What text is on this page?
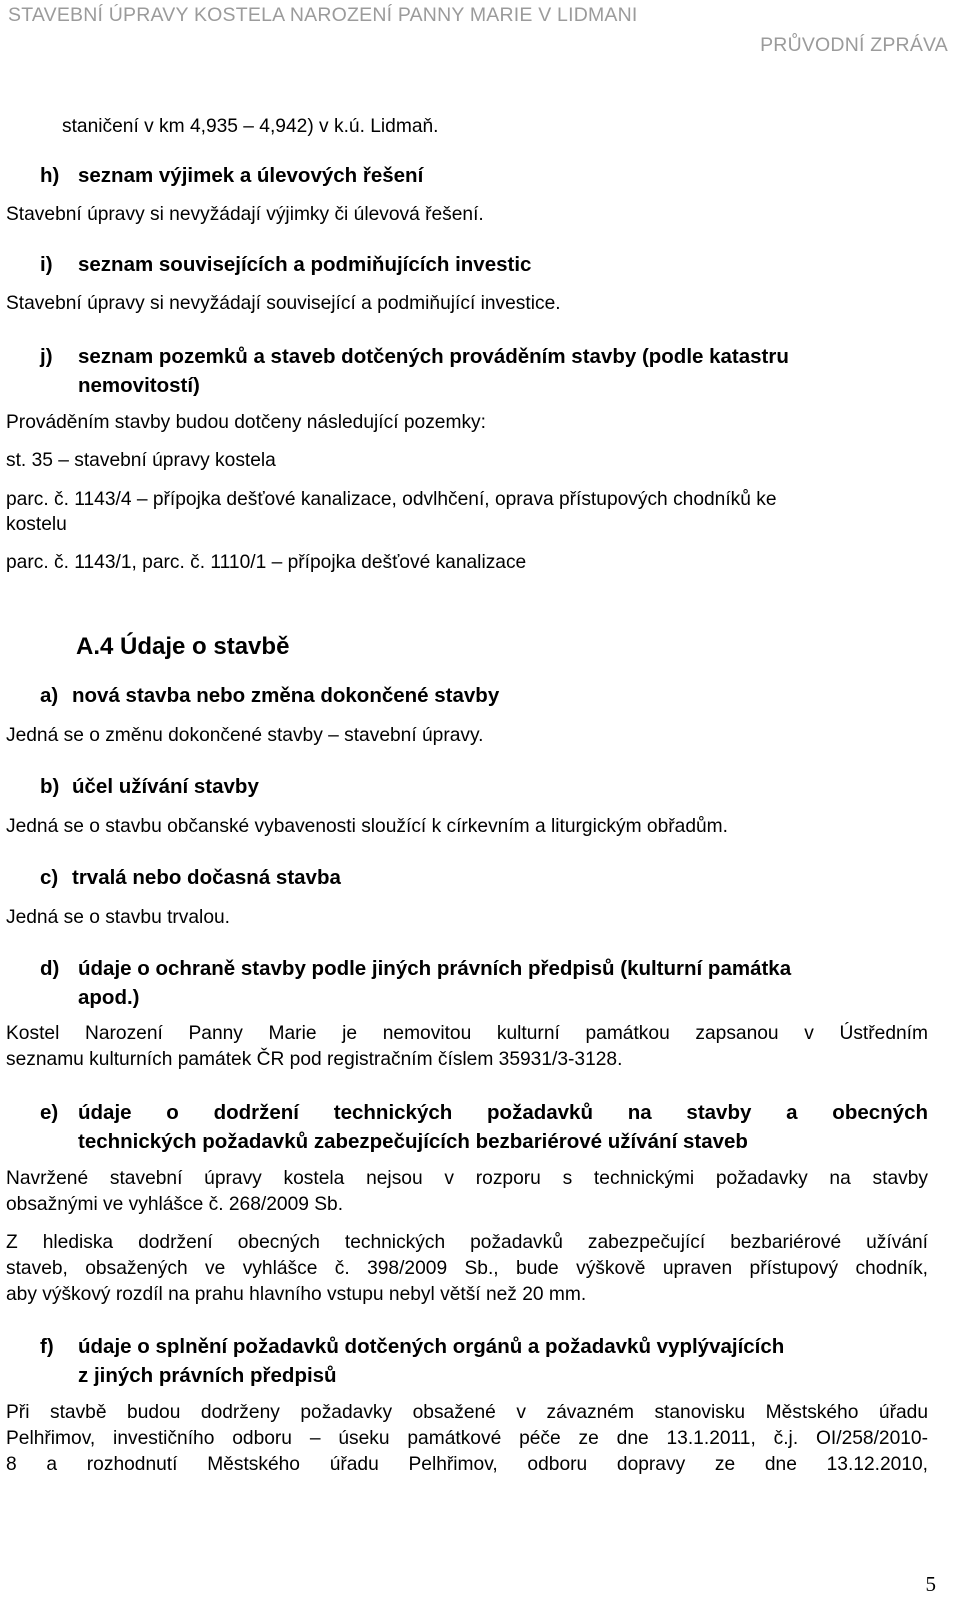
STAVEBNÍ ÚPRAVY KOSTELA NAROZENÍ PANNY MARIE V LIDMANI
PRŮVODNÍ ZPRÁVA
staničení v km 4,935 – 4,942) v k.ú. Lidmaň.
h) seznam výjimek a úlevových řešení
Stavební úpravy si nevyžádají výjimky či úlevová řešení.
i) seznam souvisejících a podmiňujících investic
Stavební úpravy si nevyžádají související a podmiňující investice.
j) seznam pozemků a staveb dotčených prováděním stavby (podle katastru
nemovitostí)
Prováděním stavby budou dotčeny následující pozemky:
st. 35 – stavební úpravy kostela
parc. č. 1143/4 – přípojka dešťové kanalizace, odvlhčení, oprava přístupových chodníků ke
kostelu
parc. č. 1143/1, parc. č. 1110/1 – přípojka dešťové kanalizace
A.4 Údaje o stavbě
a) nová stavba nebo změna dokončené stavby
Jedná se o změnu dokončené stavby – stavební úpravy.
b) účel užívání stavby
Jedná se o stavbu občanské vybavenosti sloužící k církevním a liturgickým obřadům.
c) trvalá nebo dočasná stavba
Jedná se o stavbu trvalou.
d) údaje o ochraně stavby podle jiných právních předpisů (kulturní památka
apod.)
Kostel Narození Panny Marie je nemovitou kulturní památkou zapsanou v Ústředním
seznamu kulturních památek ČR pod registračním číslem 35931/3-3128.
e) údaje o dodržení technických požadavků na stavby a obecných
technických požadavků zabezpečujících bezbariérové užívání staveb
Navržené stavební úpravy kostela nejsou v rozporu s technickými požadavky na stavby
obsažnými ve vyhlášce č. 268/2009 Sb.
Z hlediska dodržení obecných technických požadavků zabezpečující bezbariérové užívání
staveb, obsažených ve vyhlášce č. 398/2009 Sb., bude výškově upraven přístupový chodník,
aby výškový rozdíl na prahu hlavního vstupu nebyl větší než 20 mm.
f) údaje o splnění požadavků dotčených orgánů a požadavků vyplývajících
z jiných právních předpisů
Při stavbě budou dodrženy požadavky obsažené v závazném stanovisku Městského úřadu
Pelhřimov, investičního odboru – úseku památkové péče ze dne 13.1.2011, č.j. OI/258/2010-
8 a rozhodnutí Městského úřadu Pelhřimov, odboru dopravy ze dne 13.12.2010,
5
